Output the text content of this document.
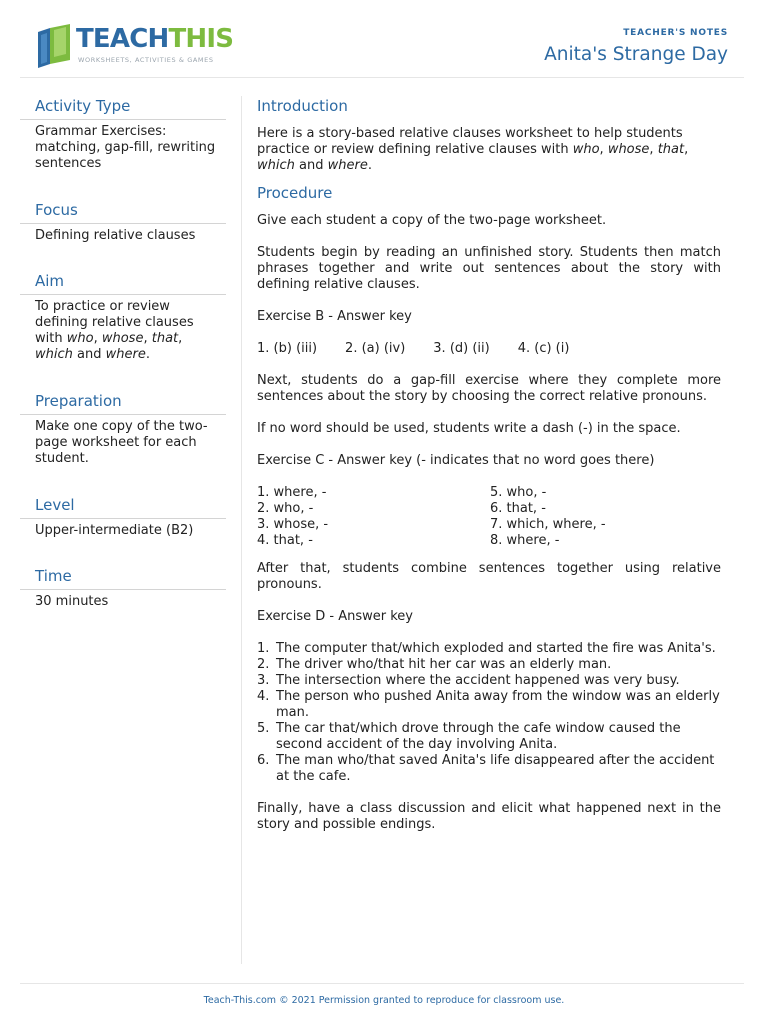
TEACHTHIS
WORKSHEETS, ACTIVITIES & GAMES
TEACHER'S NOTES
Anita's Strange Day
Activity Type
Grammar Exercises: matching, gap-fill, rewriting sentences
Focus
Defining relative clauses
Aim
To practice or review defining relative clauses with who, whose, that, which and where.
Preparation
Make one copy of the two-page worksheet for each student.
Level
Upper-intermediate (B2)
Time
30 minutes
Introduction

Here is a story-based relative clauses worksheet to help students practice or review defining relative clauses with who, whose, that, which and where.

Procedure

Give each student a copy of the two-page worksheet.

Students begin by reading an unfinished story. Students then match phrases together and write out sentences about the story with defining relative clauses.

Exercise B - Answer key

1. (b) (iii) 2. (a) (iv) 3. (d) (ii) 4. (c) (i)

Next, students do a gap-fill exercise where they complete more sentences about the story by choosing the correct relative pronouns.

If no word should be used, students write a dash (-) in the space.

Exercise C - Answer key (- indicates that no word goes there)

1. where, -
2. who, -
3. whose, -
4. that, -
5. who, -
6. that, -
7. which, where, -
8. where, -

After that, students combine sentences together using relative pronouns.

Exercise D - Answer key

1. The computer that/which exploded and started the fire was Anita's.
2. The driver who/that hit her car was an elderly man.
3. The intersection where the accident happened was very busy.
4. The person who pushed Anita away from the window was an elderly man.
5. The car that/which drove through the cafe window caused the second accident of the day involving Anita.
6. The man who/that saved Anita's life disappeared after the accident at the cafe.

Finally, have a class discussion and elicit what happened next in the story and possible endings.

Teach-This.com © 2021 Permission granted to reproduce for classroom use.
